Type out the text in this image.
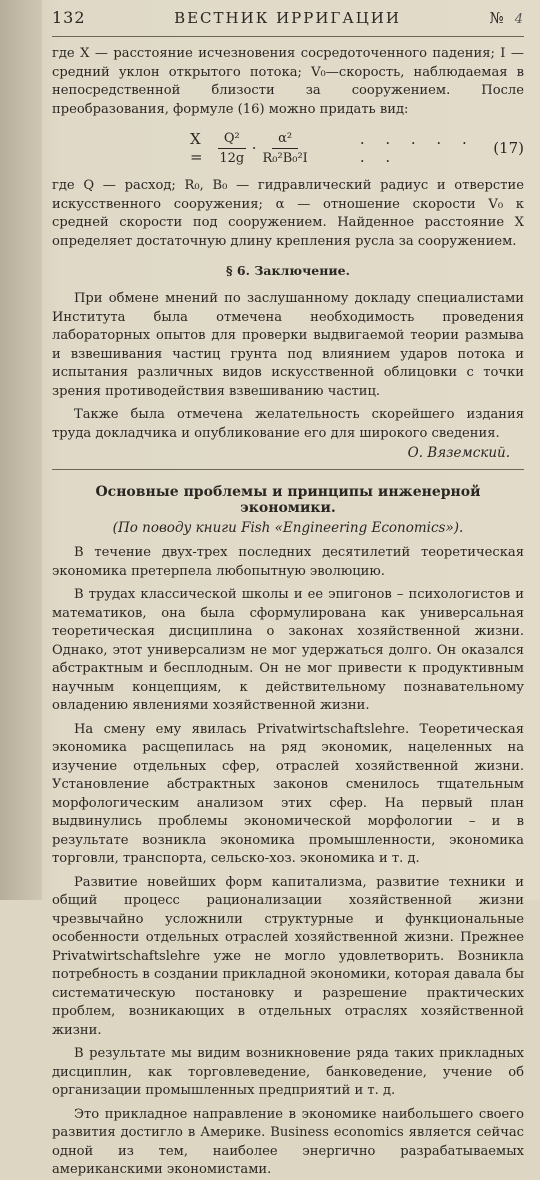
132	ВЕСТНИК ИРРИГАЦИИ	№ 4

где X — расстояние исчезновения сосредоточенного падения; I — средний уклон открытого потока; V₀—скорость, наблюдаемая в непосредственной близости за сооружением. После преобразования, формуле (16) можно придать вид:

X =	$\frac{\text{Q²}}{12g} \cdot \frac{\text{α²}}{\text{R₀²B₀²I}}$	. . . . . . .	(17)

где Q — расход; R₀, B₀ — гидравлический радиус и отверстие искусственного сооружения; α — отношение скорости V₀ к средней скорости под сооружением. Найденное расстояние X определяет достаточную длину крепления русла за сооружением.

§ 6. Заключение.

При обмене мнений по заслушанному докладу специалистами Института была отмечена необходимость проведения лабораторных опытов для проверки выдвигаемой теории размыва и взвешивания частиц грунта под влиянием ударов потока и испытания различных видов искусственной облицовки с точки зрения противодействия взвешиванию частиц.

Также была отмечена желательность скорейшего издания труда докладчика и опубликование его для широкого сведения.

О. Вяземский.
Основные проблемы и принципы инженерной экономики.
(По поводу книги Fish «Engineering Economics»).

В течение двух-трех последних десятилетий теоретическая экономика претерпела любопытную эволюцию.

В трудах классической школы и ее эпигонов – психологистов и математиков, она была сформулирована как универсальная теоретическая дисциплина о законах хозяйственной жизни. Однако, этот универсализм не мог удержаться долго. Он оказался абстрактным и бесплодным. Он не мог привести к продуктивным научным концепциям, к действительному познавательному овладению явлениями хозяйственной жизни.

На смену ему явилась Privatwirtschaftslehre. Теоретическая экономика расщепилась на ряд экономик, нацеленных на изучение отдельных сфер, отраслей хозяйственной жизни. Установление абстрактных законов сменилось тщательным морфологическим анализом этих сфер. На первый план выдвинулись проблемы экономической морфологии – и в результате возникла экономика промышленности, экономика торговли, транспорта, сельско-хоз. экономика и т. д.

Развитие новейших форм капитализма, развитие техники и общий процесс рационализации хозяйственной жизни чрезвычайно усложнили структурные и функциональные особенности отдельных отраслей хозяйственной жизни. Прежнее Privatwirtschaftslehre уже не могло удовлетворить. Возникла потребность в создании прикладной экономики, которая давала бы систематическую постановку и разрешение практических проблем, возникающих в отдельных отраслях хозяйственной жизни.

В результате мы видим возникновение ряда таких прикладных дисциплин, как торговлеведение, банковедение, учение об организации промышленных предприятий и т. д.

Это прикладное направление в экономике наибольшего своего развития достигло в Америке. Business economics является сейчас одной из тем, наиболее энергично разрабатываемых американскими экономистами.
